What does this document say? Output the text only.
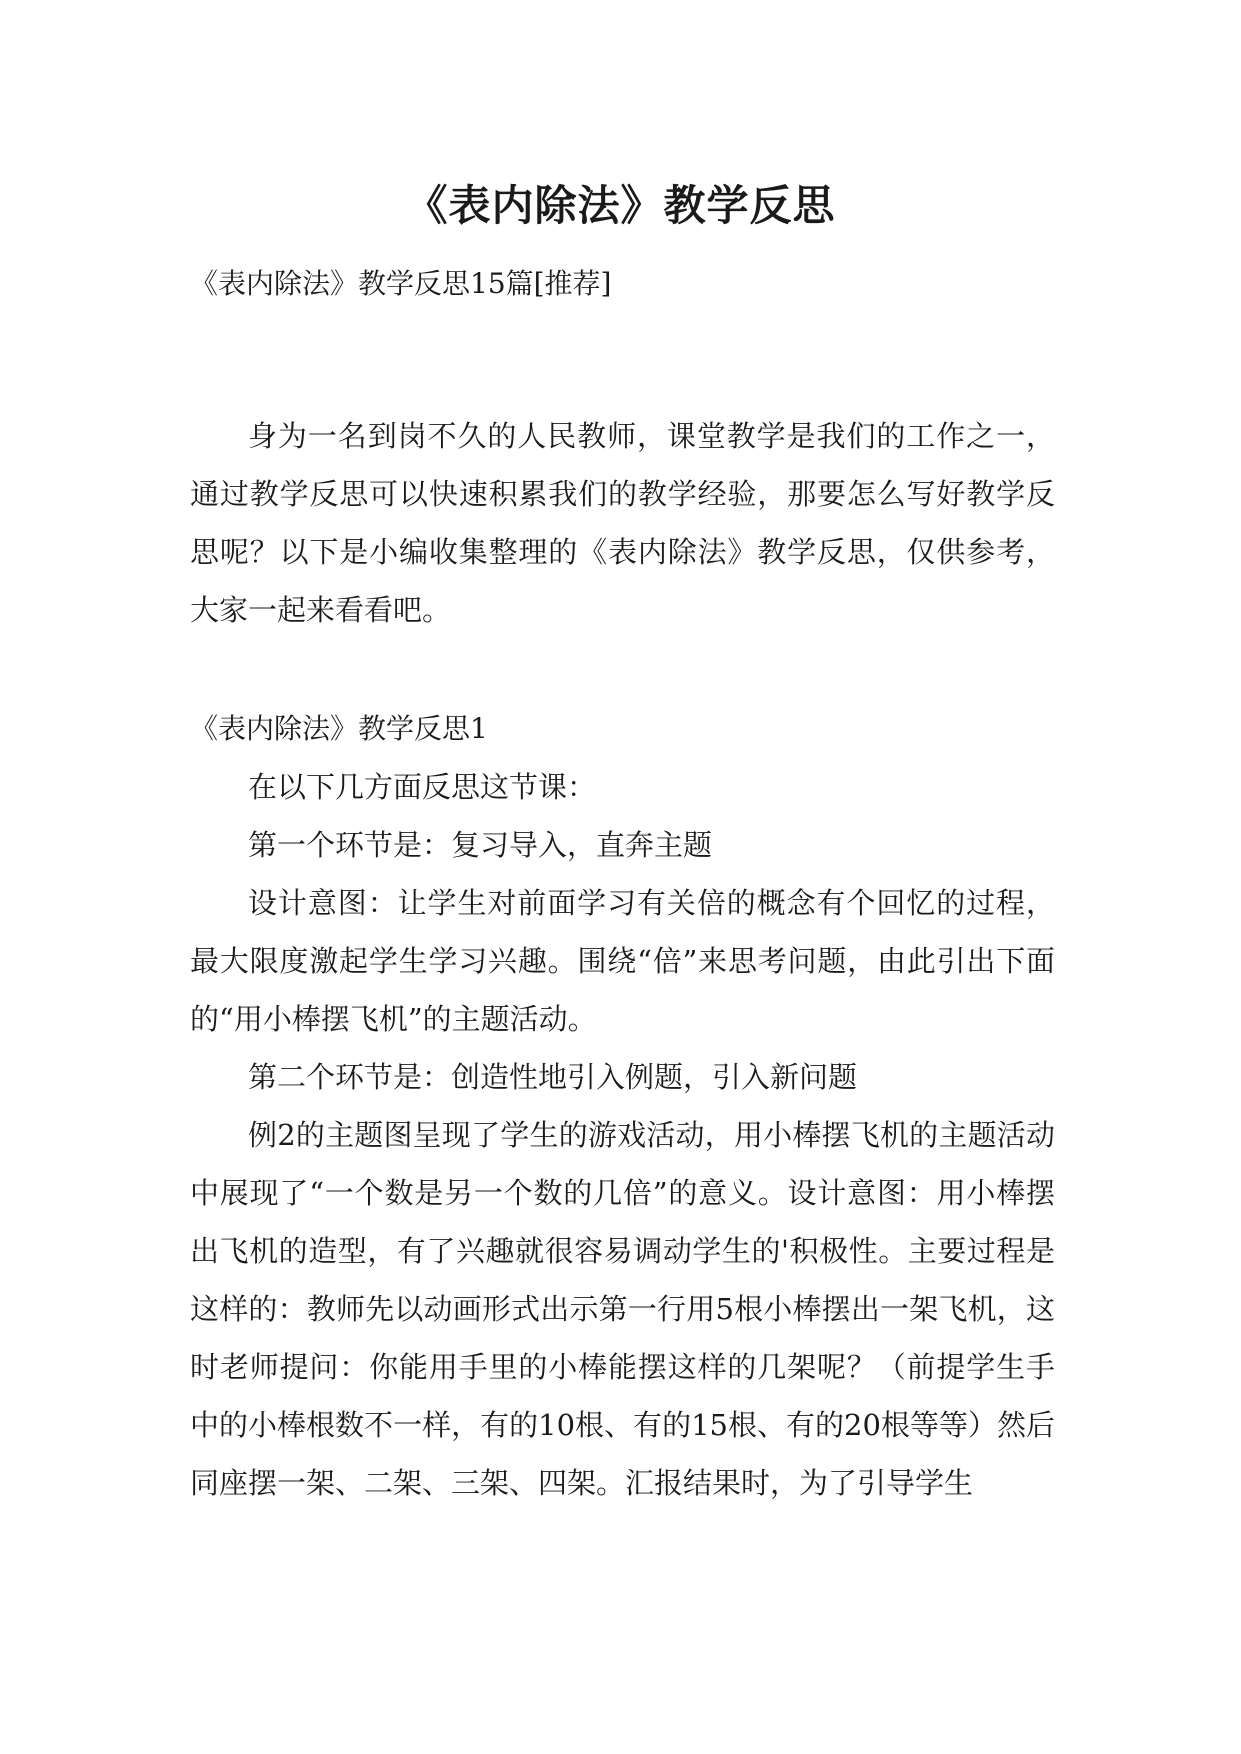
《表内除法》教学反思
《表内除法》教学反思15篇[推荐]

身为一名到岗不久的人民教师，课堂教学是我们的工作之一，通过教学反思可以快速积累我们的教学经验，那要怎么写好教学反思呢？以下是小编收集整理的《表内除法》教学反思，仅供参考，大家一起来看看吧。

《表内除法》教学反思1

在以下几方面反思这节课：

第一个环节是：复习导入，直奔主题

设计意图：让学生对前面学习有关倍的概念有个回忆的过程，最大限度激起学生学习兴趣。围绕“倍”来思考问题，由此引出下面的“用小棒摆飞机”的主题活动。

第二个环节是：创造性地引入例题，引入新问题

例2的主题图呈现了学生的游戏活动，用小棒摆飞机的主题活动中展现了“一个数是另一个数的几倍”的意义。设计意图：用小棒摆出飞机的造型，有了兴趣就很容易调动学生的'积极性。主要过程是这样的：教师先以动画形式出示第一行用5根小棒摆出一架飞机，这时老师提问：你能用手里的小棒能摆这样的几架呢？（前提学生手中的小棒根数不一样，有的10根、有的15根、有的20根等等）然后同座摆一架、二架、三架、四架。汇报结果时，为了引导学生
